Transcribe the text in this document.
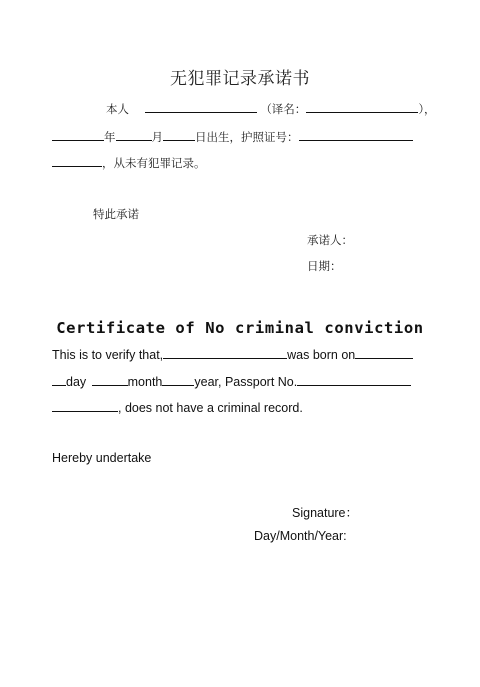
无犯罪记录承诺书
本人	（译名：	），
年	月	日出生，护照证号：
，从未有犯罪记录。
特此承诺
承诺人：
日期：
Certificate of No criminal conviction
This is to verify that,	was born on
day	month	year, Passport No.
, does not have a criminal record.
Hereby undertake
Signature：
Day/Month/Year:
